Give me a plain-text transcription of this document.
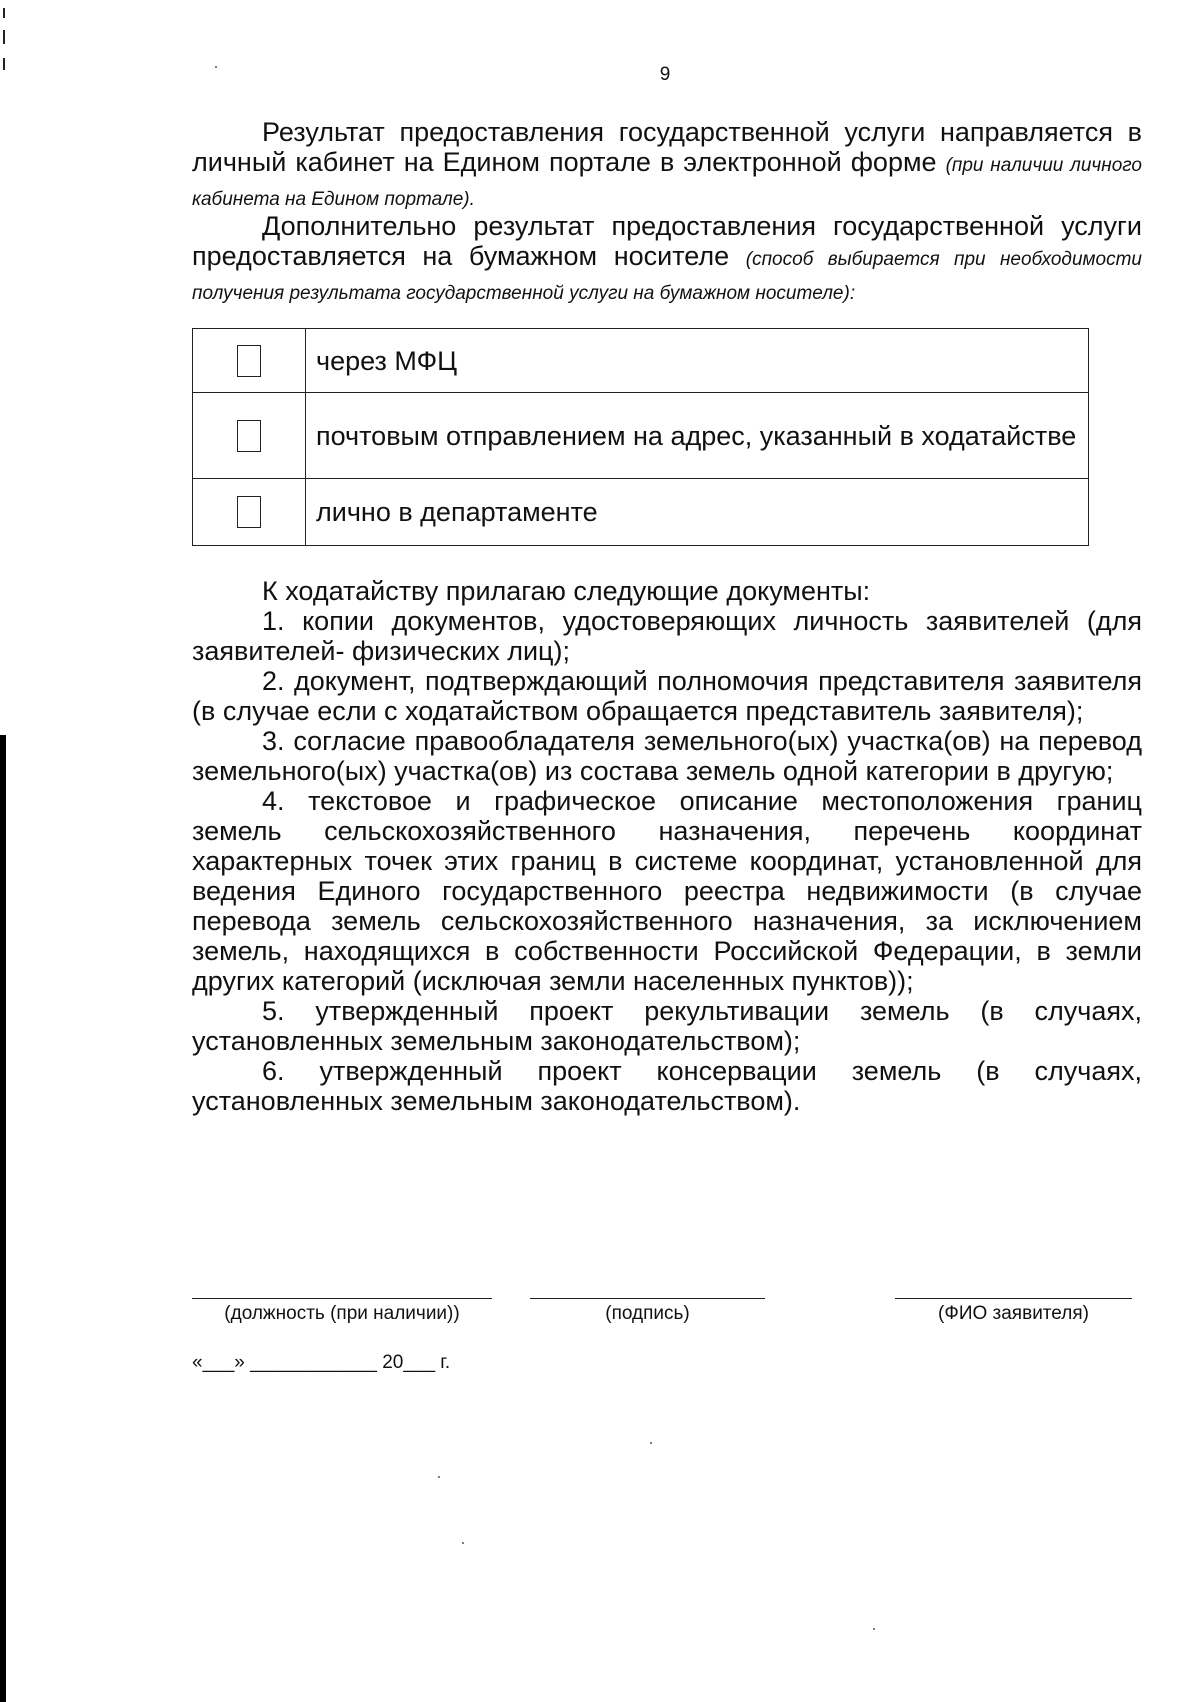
9

Результат предоставления государственной услуги направляется в личный кабинет на Едином портале в электронной форме (при наличии личного кабинета на Едином портале).

Дополнительно результат предоставления государственной услуги предоставляется на бумажном носителе (способ выбирается при необходимости получения результата государственной услуги на бумажном носителе):

	через МФЦ
	почтовым отправлением на адрес, указанный в ходатайстве
	лично в департаменте
К ходатайству прилагаю следующие документы:
1. копии документов, удостоверяющих личность заявителей (для заявителей- физических лиц);
2. документ, подтверждающий полномочия представителя заявителя (в случае если с ходатайством обращается представитель заявителя);
3. согласие правообладателя земельного(ых) участка(ов) на перевод земельного(ых) участка(ов) из состава земель одной категории в другую;
4. текстовое и графическое описание местоположения границ земель сельскохозяйственного назначения, перечень координат характерных точек этих границ в системе координат, установленной для ведения Единого государственного реестра недвижимости (в случае перевода земель сельскохозяйственного назначения, за исключением земель, находящихся в собственности Российской Федерации, в земли других категорий (исключая земли населенных пунктов));
5. утвержденный проект рекультивации земель (в случаях, установленных земельным законодательством);
6. утвержденный проект консервации земель (в случаях, установленных земельным законодательством).
(должность (при наличии))	(подпись)	(ФИО заявителя)
«___» ____________ 20___ г.
